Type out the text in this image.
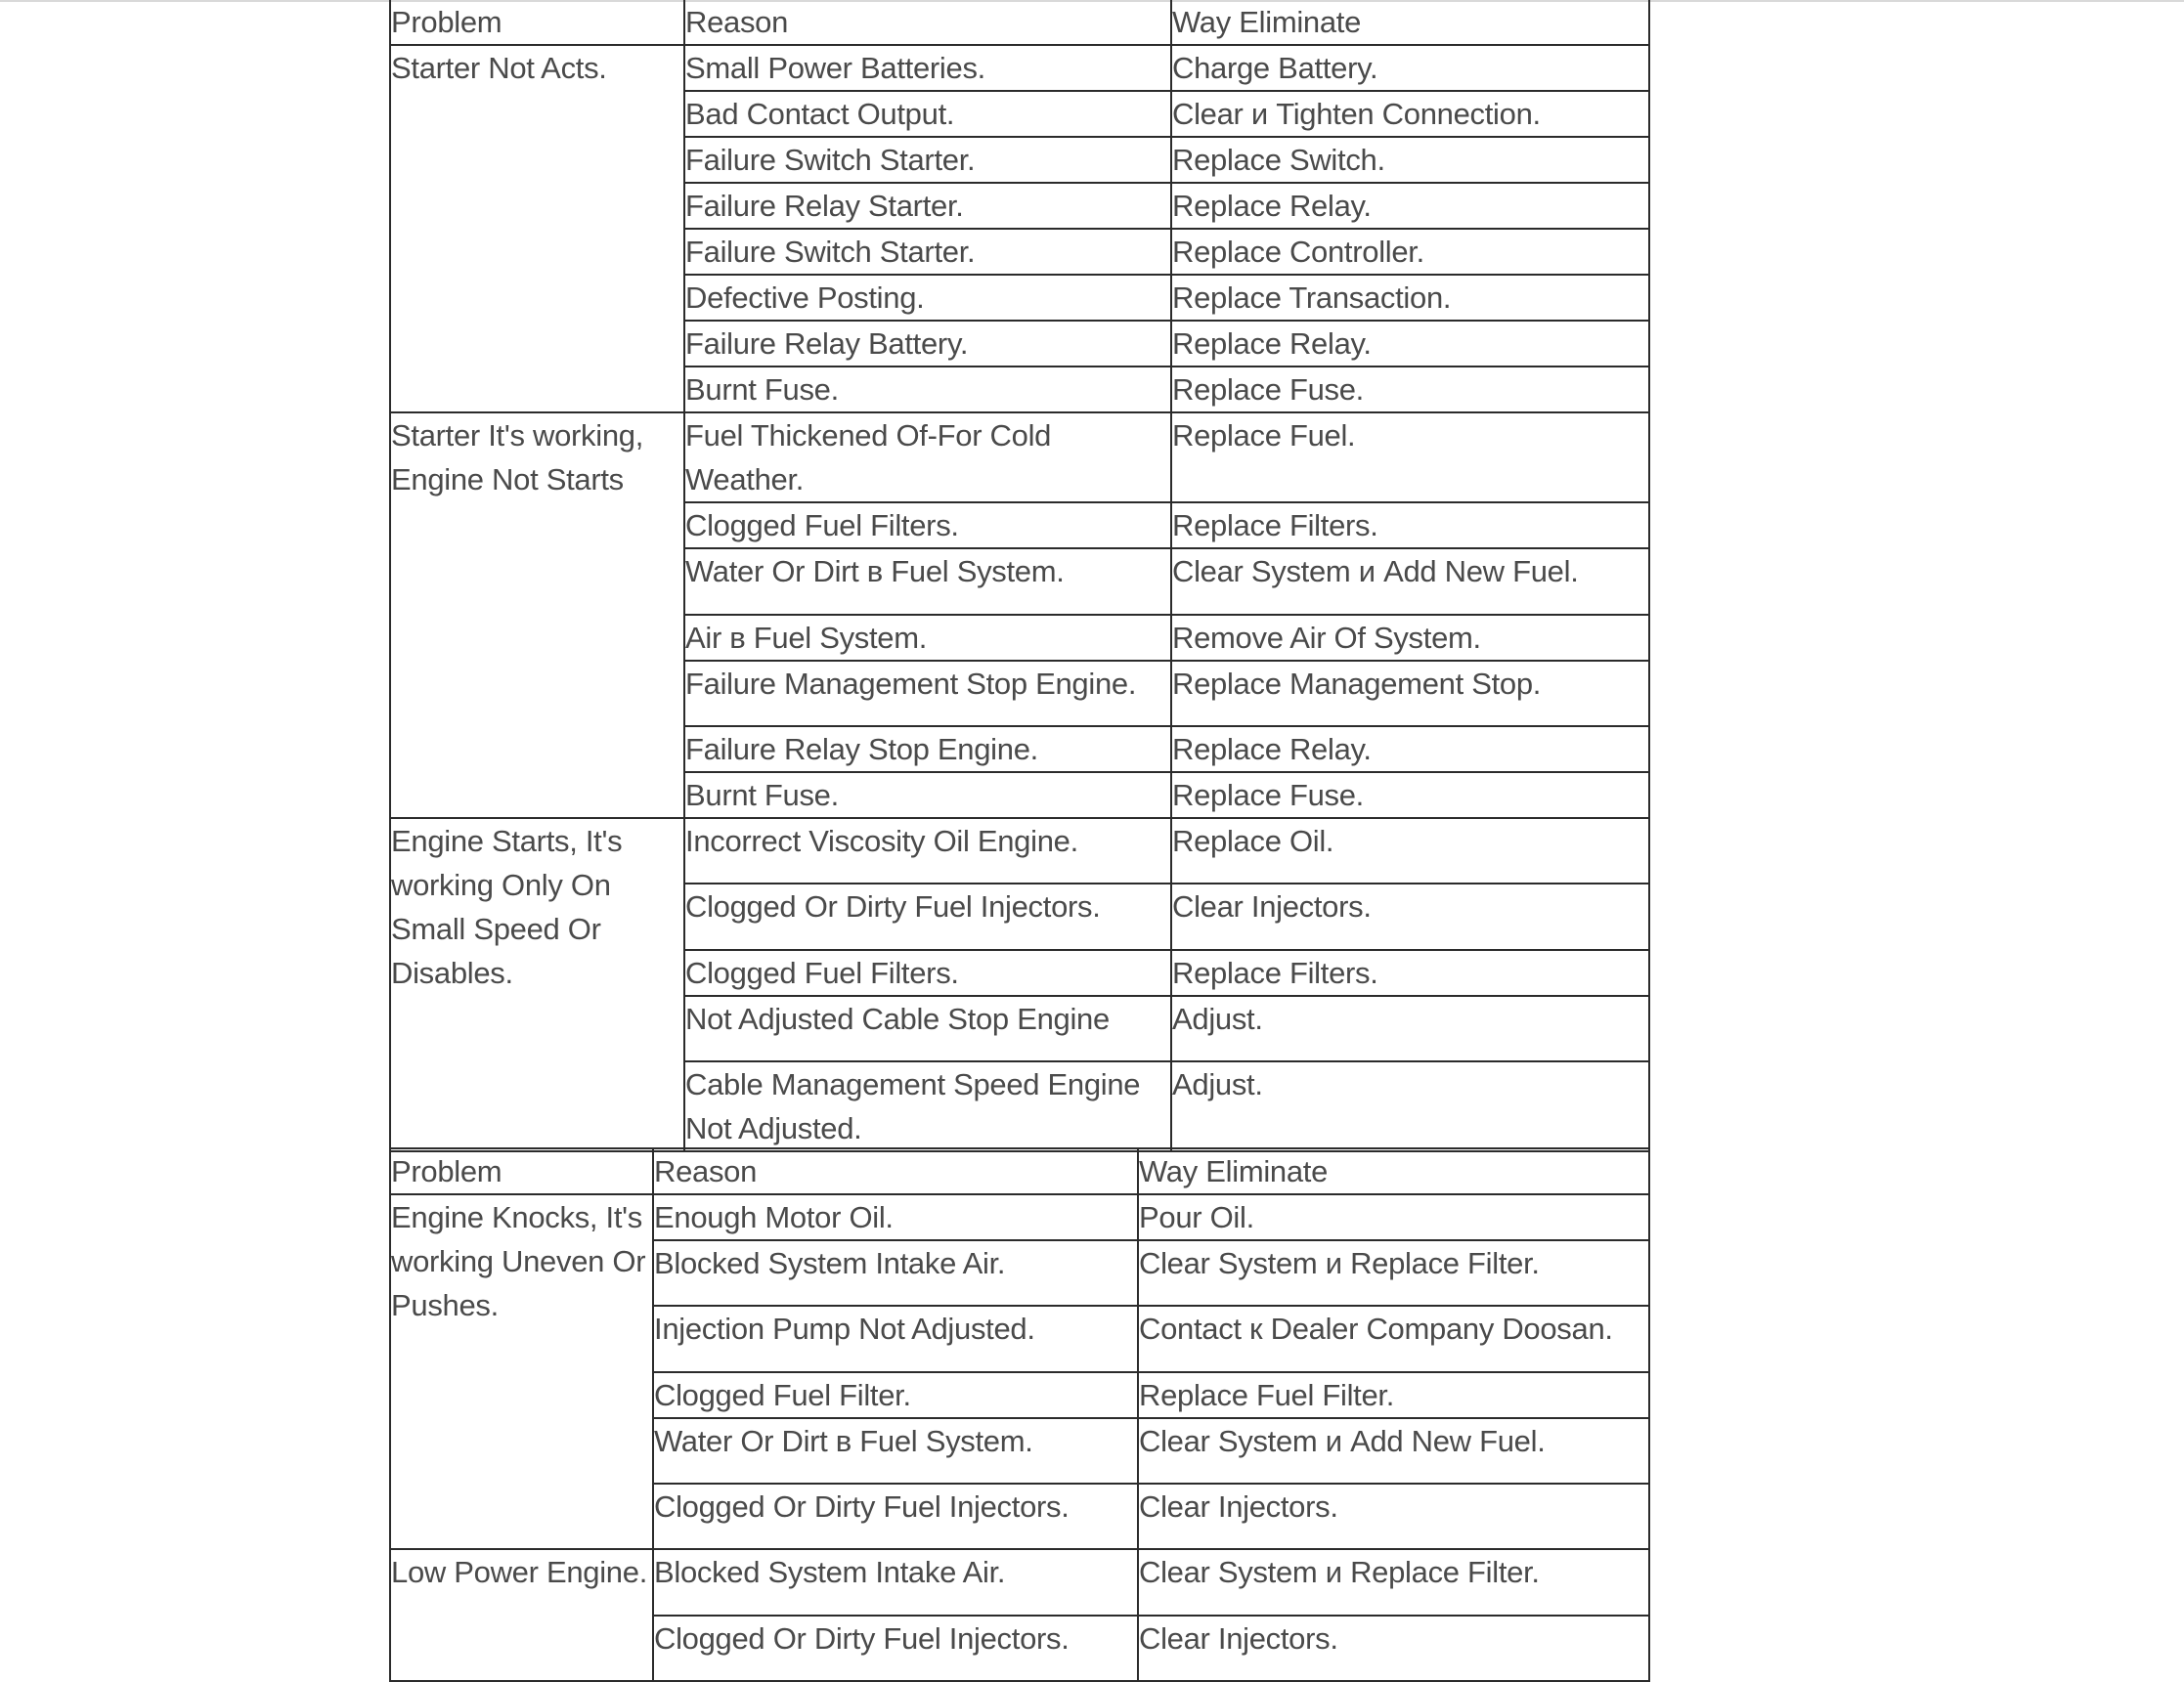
Problem	Reason	Way Eliminate
Starter Not Acts.	Small Power Batteries.	Charge Battery.
	Bad Contact Output.	Clear и Tighten Connection.
	Failure Switch Starter.	Replace Switch.
	Failure Relay Starter.	Replace Relay.
	Failure Switch Starter.	Replace Controller.
	Defective Posting.	Replace Transaction.
	Failure Relay Battery.	Replace Relay.
	Burnt Fuse.	Replace Fuse.
Starter It's working, Engine Not Starts	Fuel Thickened Of-For Cold Weather.	Replace Fuel.
	Clogged Fuel Filters.	Replace Filters.
	Water Or Dirt в Fuel System.	Clear System и Add New Fuel.
	Air в Fuel System.	Remove Air Of System.
	Failure Management Stop Engine.	Replace Management Stop.
	Failure Relay Stop Engine.	Replace Relay.
	Burnt Fuse.	Replace Fuse.
Engine Starts, It's working Only On Small Speed Or Disables.	Incorrect Viscosity Oil Engine.	Replace Oil.
	Clogged Or Dirty Fuel Injectors.	Clear Injectors.
	Clogged Fuel Filters.	Replace Filters.
	Not Adjusted Cable Stop Engine	Adjust.
	Cable Management Speed Engine Not Adjusted.	Adjust.
Problem	Reason	Way Eliminate
Engine Knocks, It's working Uneven Or Pushes.	Enough Motor Oil.	Pour Oil.
	Blocked System Intake Air.	Clear System и Replace Filter.
	Injection Pump Not Adjusted.	Contact к Dealer Company Doosan.
	Clogged Fuel Filter.	Replace Fuel Filter.
	Water Or Dirt в Fuel System.	Clear System и Add New Fuel.
	Clogged Or Dirty Fuel Injectors.	Clear Injectors.
Low Power Engine.	Blocked System Intake Air.	Clear System и Replace Filter.
	Clogged Or Dirty Fuel Injectors.	Clear Injectors.
